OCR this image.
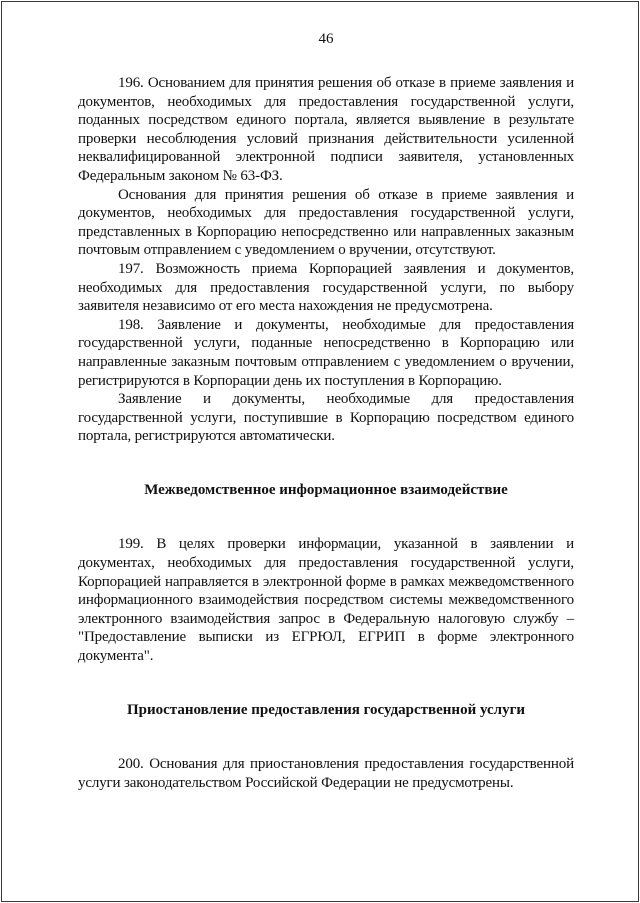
46

196. Основанием для принятия решения об отказе в приеме заявления и документов, необходимых для предоставления государственной услуги, поданных посредством единого портала, является выявление в результате проверки несоблюдения условий признания действительности усиленной неквалифицированной электронной подписи заявителя, установленных Федеральным законом № 63-ФЗ.

Основания для принятия решения об отказе в приеме заявления и документов, необходимых для предоставления государственной услуги, представленных в Корпорацию непосредственно или направленных заказным почтовым отправлением с уведомлением о вручении, отсутствуют.

197. Возможность приема Корпорацией заявления и документов, необходимых для предоставления государственной услуги, по выбору заявителя независимо от его места нахождения не предусмотрена.

198. Заявление и документы, необходимые для предоставления государственной услуги, поданные непосредственно в Корпорацию или направленные заказным почтовым отправлением с уведомлением о вручении, регистрируются в Корпорации день их поступления в Корпорацию.

Заявление и документы, необходимые для предоставления государственной услуги, поступившие в Корпорацию посредством единого портала, регистрируются автоматически.

Межведомственное информационное взаимодействие

199. В целях проверки информации, указанной в заявлении и документах, необходимых для предоставления государственной услуги, Корпорацией направляется в электронной форме в рамках межведомственного информационного взаимодействия посредством системы межведомственного электронного взаимодействия запрос в Федеральную налоговую службу – "Предоставление выписки из ЕГРЮЛ, ЕГРИП в форме электронного документа".

Приостановление предоставления государственной услуги

200. Основания для приостановления предоставления государственной услуги законодательством Российской Федерации не предусмотрены.
